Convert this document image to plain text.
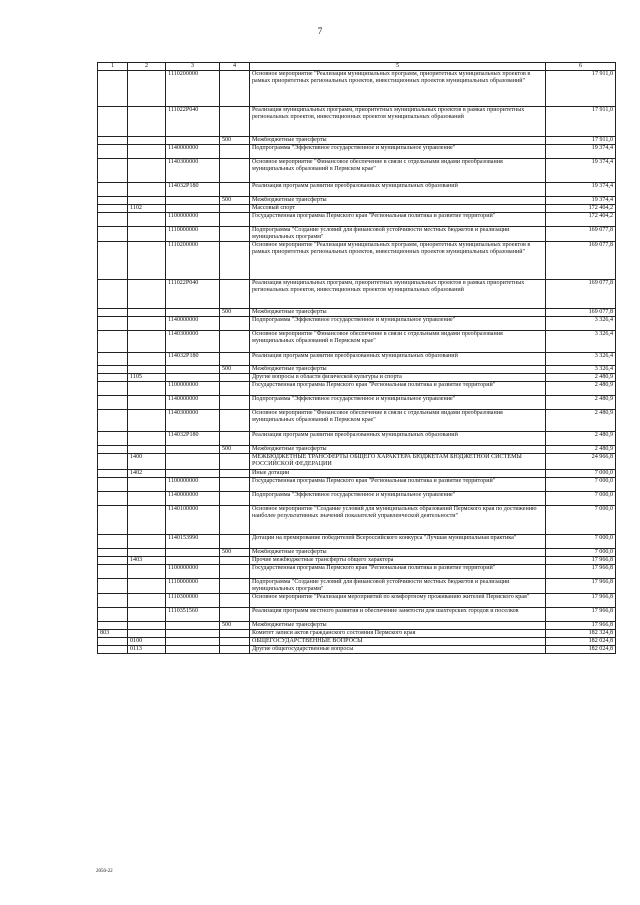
7
1	2	3	4	5	6
		1110200000		Основное мероприятие "Реализация муниципальных программ, приоритетных муниципальных проектов в рамках приоритетных региональных проектов, инвестиционных проектов муниципальных образований"	17 911,0
		111022P040		Реализация муниципальных программ, приоритетных муниципальных проектов в рамках приоритетных региональных проектов, инвестиционных проектов муниципальных образований	17 911,0
			500	Межбюджетные трансферты	17 911,0
		1140000000		Подпрограмма "Эффективное государственное и муниципальное управление"	19 374,4
		1140300000		Основное мероприятие "Финансовое обеспечение в связи с отдельными видами преобразования муниципальных образований в Пермском крае"	19 374,4
		114032P180		Реализация программ развития преобразованных муниципальных образований	19 374,4
			500	Межбюджетные трансферты	19 374,4
	1102			Массовый спорт	172 404,2
		1100000000		Государственная программа Пермского края "Региональная политика и развитие территорий"	172 404,2
		1110000000		Подпрограмма "Создание условий для финансовой устойчивости местных бюджетов и реализации муниципальных программ"	169 077,8
		1110200000		Основное мероприятие "Реализация муниципальных программ, приоритетных муниципальных проектов в рамках приоритетных региональных проектов, инвестиционных проектов муниципальных образований"	169 077,8
		111022P040		Реализация муниципальных программ, приоритетных муниципальных проектов в рамках приоритетных региональных проектов, инвестиционных проектов муниципальных образований	169 077,8
			500	Межбюджетные трансферты	169 077,8
		1140000000		Подпрограмма "Эффективное государственное и муниципальное управление"	3 326,4
		1140300000		Основное мероприятие "Финансовое обеспечение в связи с отдельными видами преобразования муниципальных образований в Пермском крае"	3 326,4
		114032P180		Реализация программ развития преобразованных муниципальных образований	3 326,4
			500	Межбюджетные трансферты	3 326,4
	1105			Другие вопросы в области физической культуры и спорта	2 480,9
		1100000000		Государственная программа Пермского края "Региональная политика и развитие территорий"	2 480,9
		1140000000		Подпрограмма "Эффективное государственное и муниципальное управление"	2 480,9
		1140300000		Основное мероприятие "Финансовое обеспечение в связи с отдельными видами преобразования муниципальных образований в Пермском крае"	2 480,9
		114032P180		Реализация программ развития преобразованных муниципальных образований	2 480,9
			500	Межбюджетные трансферты	2 480,9
	1400			МЕЖБЮДЖЕТНЫЕ ТРАНСФЕРТЫ ОБЩЕГО ХАРАКТЕРА БЮДЖЕТАМ БЮДЖЕТНОЙ СИСТЕМЫ РОССИЙСКОЙ ФЕДЕРАЦИИ	24 966,8
	1402			Иные дотации	7 000,0
		1100000000		Государственная программа Пермского края "Региональная политика и развитие территорий"	7 000,0
		1140000000		Подпрограмма "Эффективное государственное и муниципальное управление"	7 000,0
		1140100000		Основное мероприятие "Создание условий для муниципальных образований Пермского края по достижению наиболее результативных значений показателей управленческой деятельности"	7 000,0
		1140153990		Дотации на премирование победителей Всероссийского конкурса "Лучшая муниципальная практика"	7 000,0
			500	Межбюджетные трансферты	7 000,0
	1403			Прочие межбюджетные трансферты общего характера	17 966,8
		1100000000		Государственная программа Пермского края "Региональная политика и развитие территорий"	17 966,8
		1110000000		Подпрограмма "Создание условий для финансовой устойчивости местных бюджетов и реализации муниципальных программ"	17 966,8
		1110300000		Основное мероприятие "Реализация мероприятий по комфортному проживанию жителей Пермского края"	17 966,8
		1110351560		Реализация программ местного развития и обеспечение занятости для шахтерских городов и поселков	17 966,8
			500	Межбюджетные трансферты	17 966,8
803				Комитет записи актов гражданского состояния Пермского края	182 324,8
	0100			ОБЩЕГОСУДАРСТВЕННЫЕ ВОПРОСЫ	182 024,8
	0113			Другие общегосударственные вопросы	182 024,8
2050-22
